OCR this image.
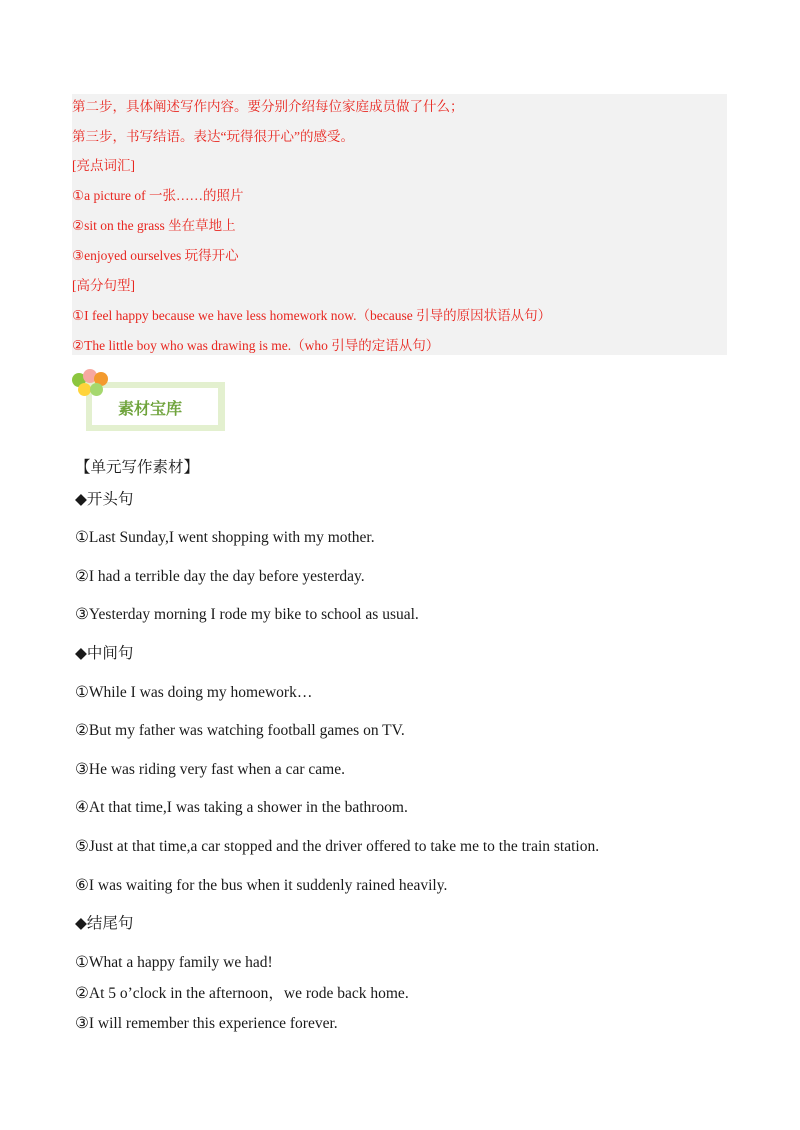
第二步，具体阐述写作内容。要分别介绍每位家庭成员做了什么；
第三步，书写结语。表达“玩得很开心”的感受。
[亮点词汇]
①a picture of 一张……的照片
②sit on the grass 坐在草地上
③enjoyed ourselves 玩得开心
[高分句型]
①I feel happy because we have less homework now.（because 引导的原因状语从句）
②The little boy who was drawing is me.（who 引导的定语从句）
素材宝库
【单元写作素材】
◆开头句
①Last Sunday,I went shopping with my mother.
②I had a terrible day the day before yesterday.
③Yesterday morning I rode my bike to school as usual.
◆中间句
①While I was doing my homework…
②But my father was watching football games on TV.
③He was riding very fast when a car came.
④At that time,I was taking a shower in the bathroom.
⑤Just at that time,a car stopped and the driver offered to take me to the train station.
⑥I was waiting for the bus when it suddenly rained heavily.
◆结尾句
①What a happy family we had!
②At 5 o’clock in the afternoon，we rode back home.
③I will remember this experience forever.
